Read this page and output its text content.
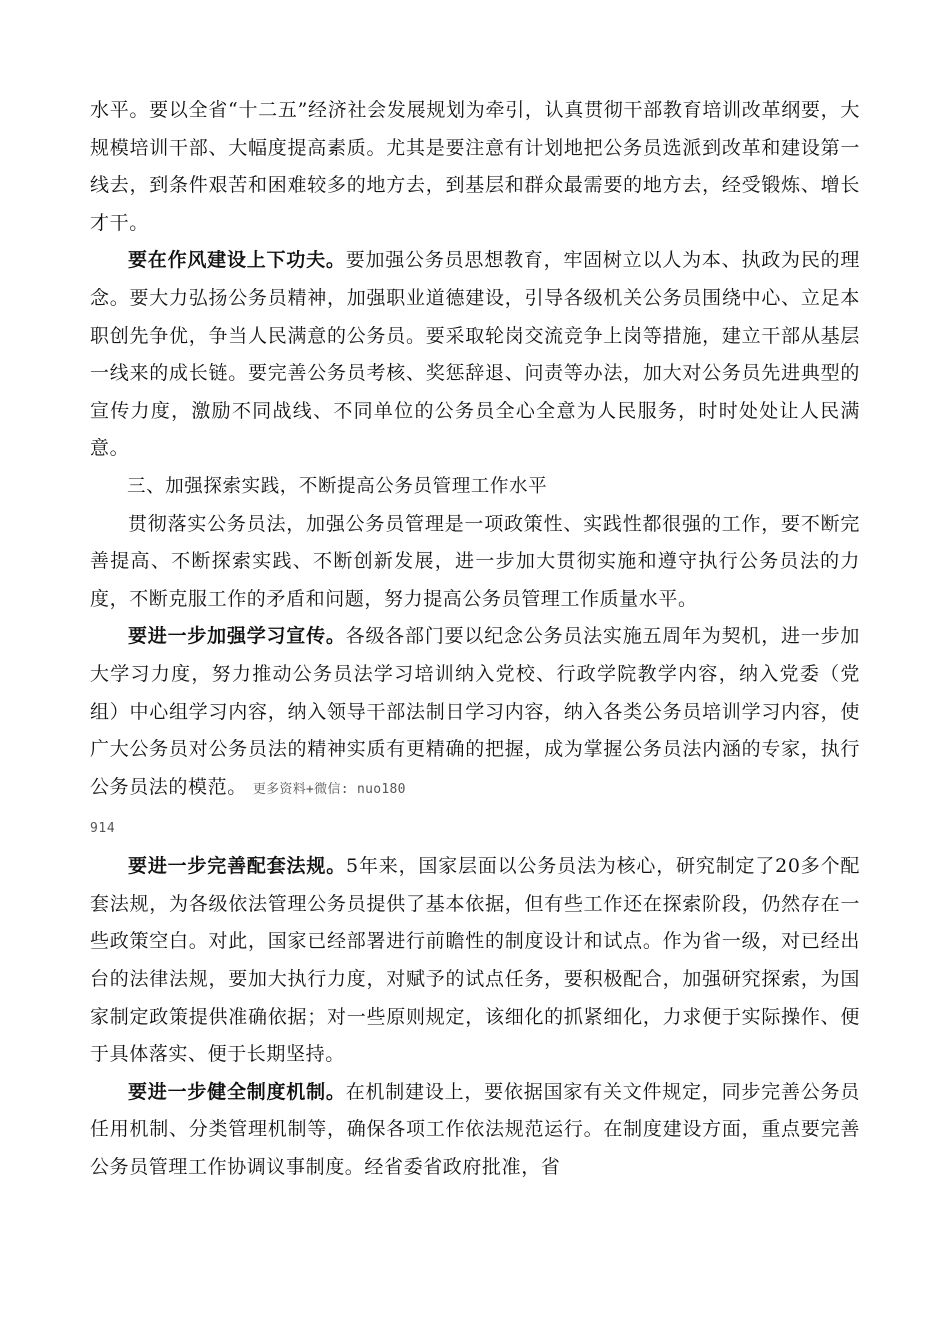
水平。要以全省“十二五”经济社会发展规划为牵引，认真贯彻干部教育培训改革纲要，大规模培训干部、大幅度提高素质。尤其是要注意有计划地把公务员选派到改革和建设第一线去，到条件艰苦和困难较多的地方去，到基层和群众最需要的地方去，经受锻炼、增长才干。

要在作风建设上下功夫。要加强公务员思想教育，牢固树立以人为本、执政为民的理念。要大力弘扬公务员精神，加强职业道德建设，引导各级机关公务员围绕中心、立足本职创先争优，争当人民满意的公务员。要采取轮岗交流竞争上岗等措施，建立干部从基层一线来的成长链。要完善公务员考核、奖惩辞退、问责等办法，加大对公务员先进典型的宣传力度，激励不同战线、不同单位的公务员全心全意为人民服务，时时处处让人民满意。

三、加强探索实践，不断提高公务员管理工作水平

贯彻落实公务员法，加强公务员管理是一项政策性、实践性都很强的工作，要不断完善提高、不断探索实践、不断创新发展，进一步加大贯彻实施和遵守执行公务员法的力度，不断克服工作的矛盾和问题，努力提高公务员管理工作质量水平。

要进一步加强学习宣传。各级各部门要以纪念公务员法实施五周年为契机，进一步加大学习力度，努力推动公务员法学习培训纳入党校、行政学院教学内容，纳入党委（党组）中心组学习内容，纳入领导干部法制日学习内容，纳入各类公务员培训学习内容，使广大公务员对公务员法的精神实质有更精确的把握，成为掌握公务员法内涵的专家，执行公务员法的模范。 更多资料+微信: nuo180

914

要进一步完善配套法规。5年来，国家层面以公务员法为核心，研究制定了20多个配套法规，为各级依法管理公务员提供了基本依据，但有些工作还在探索阶段，仍然存在一些政策空白。对此，国家已经部署进行前瞻性的制度设计和试点。作为省一级，对已经出台的法律法规，要加大执行力度，对赋予的试点任务，要积极配合，加强研究探索，为国家制定政策提供准确依据；对一些原则规定，该细化的抓紧细化，力求便于实际操作、便于具体落实、便于长期坚持。

要进一步健全制度机制。在机制建设上，要依据国家有关文件规定，同步完善公务员任用机制、分类管理机制等，确保各项工作依法规范运行。在制度建设方面，重点要完善公务员管理工作协调议事制度。经省委省政府批准，省
